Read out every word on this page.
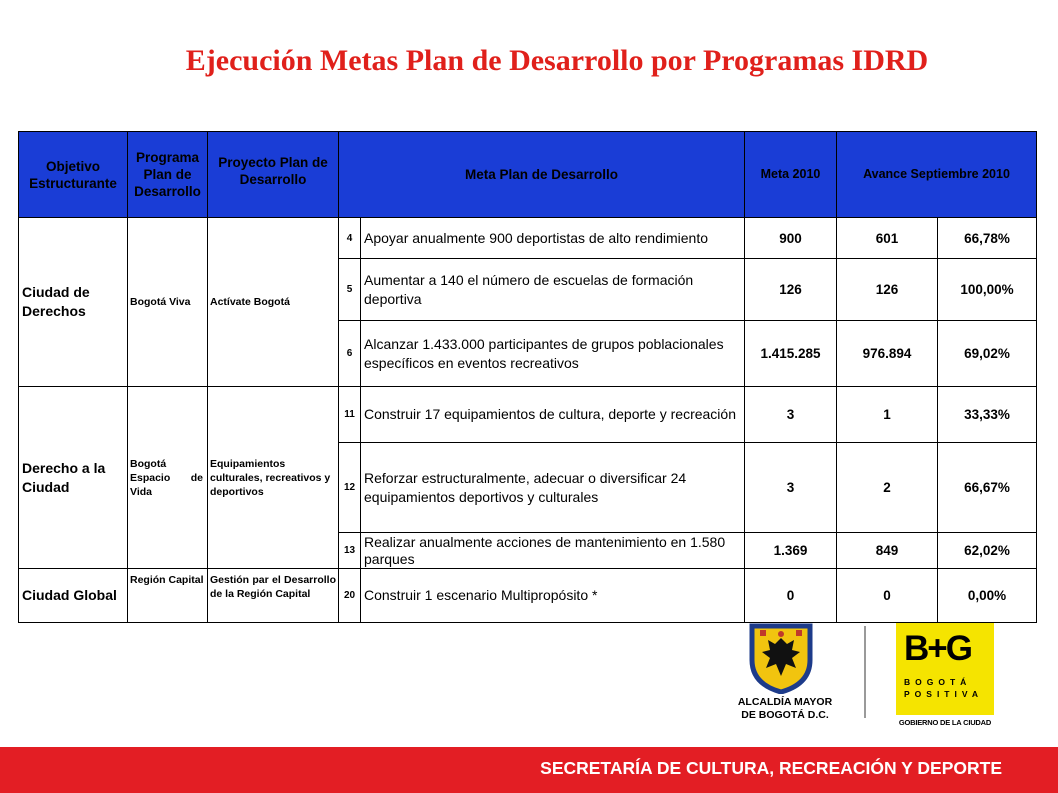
Ejecución Metas Plan de Desarrollo por Programas IDRD
Objetivo Estructurante	Programa Plan de Desarrollo	Proyecto Plan de Desarrollo	Meta Plan de Desarrollo		Meta 2010	Avance Septiembre 2010	
Ciudad de Derechos	Bogotá Viva	Actívate Bogotá	4	Apoyar anualmente 900 deportistas de alto rendimiento	900	601	66,78%
			5	Aumentar a 140 el número de escuelas de formación deportiva	126	126	100,00%
			6	Alcanzar 1.433.000 participantes de grupos poblacionales específicos en eventos recreativos	1.415.285	976.894	69,02%
Derecho a la Ciudad	Bogotá Espacio de Vida	Equipamientos culturales, recreativos y deportivos	11	Construir 17 equipamientos de cultura, deporte y recreación	3	1	33,33%
			12	Reforzar estructuralmente, adecuar o diversificar 24 equipamientos deportivos y culturales	3	2	66,67%
			13	Realizar anualmente acciones de mantenimiento en 1.580 parques	1.369	849	62,02%
Ciudad Global	Región Capital	Gestión par el Desarrollo de la Región Capital	20	Construir 1 escenario Multipropósito *	0	0	0,00%
ALCALDÍA MAYOR
DE BOGOTÁ D.C.
B+G
BOGOTÁ
POSITIVA
GOBIERNO DE LA CIUDAD
SECRETARÍA DE CULTURA, RECREACIÓN Y DEPORTE
